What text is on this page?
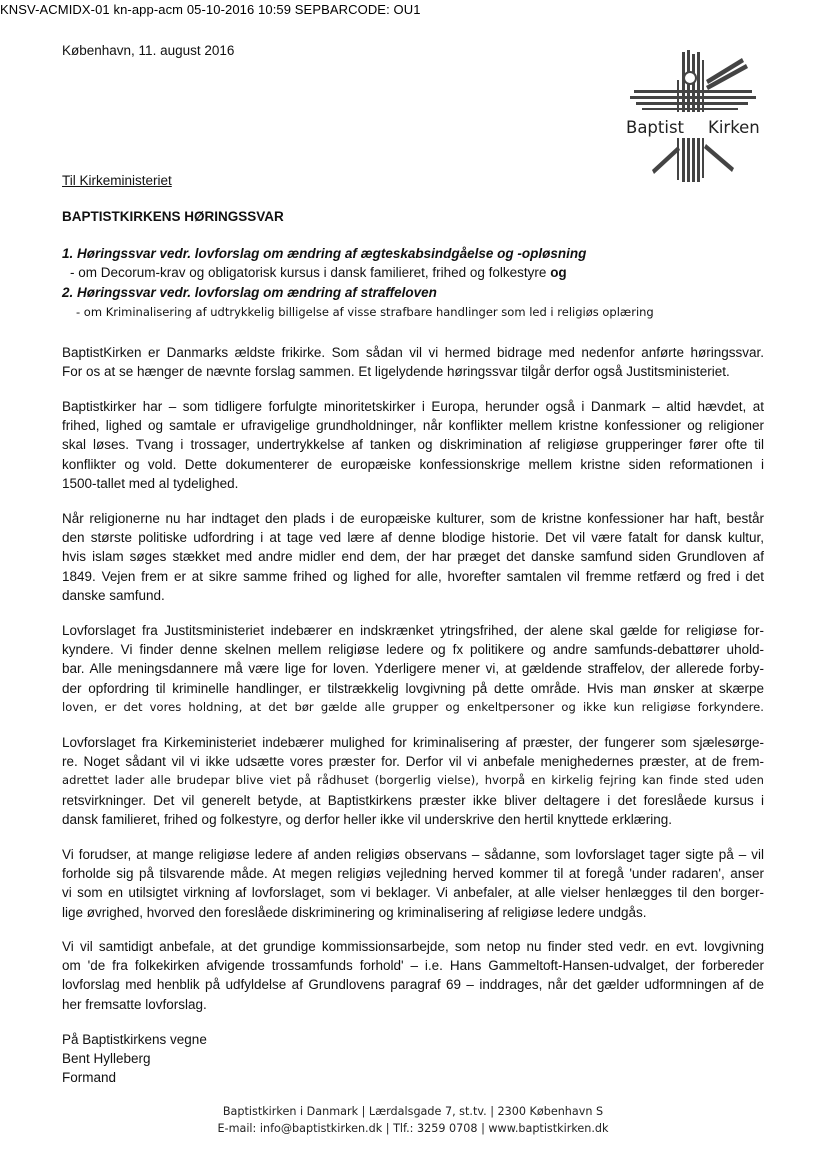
KNSV-ACMIDX-01 kn-app-acm 05-10-2016 10:59 SEPBARCODE: OU1
København, 11. august 2016
Baptist Kirken
Til Kirkeministeriet
BAPTISTKIRKENS HØRINGSSVAR
1. Høringssvar vedr. lovforslag om ændring af ægteskabsindgåelse og -opløsning
- om Decorum-krav og obligatorisk kursus i dansk familieret, frihed og folkestyre og
2. Høringssvar vedr. lovforslag om ændring af straffeloven
- om Kriminalisering af udtrykkelig billigelse af visse strafbare handlinger som led i religiøs oplæring
BaptistKirken er Danmarks ældste frikirke. Som sådan vil vi hermed bidrage med nedenfor anførte høringssvar.
For os at se hænger de nævnte forslag sammen. Et ligelydende høringssvar tilgår derfor også Justitsministeriet.
Baptistkirker har – som tidligere forfulgte minoritetskirker i Europa, herunder også i Danmark – altid hævdet, at
frihed, lighed og samtale er ufravigelige grundholdninger, når konflikter mellem kristne konfessioner og religioner
skal løses. Tvang i trossager, undertrykkelse af tanken og diskrimination af religiøse grupperinger fører ofte til
konflikter og vold. Dette dokumenterer de europæiske konfessionskrige mellem kristne siden reformationen i
1500-tallet med al tydelighed.
Når religionerne nu har indtaget den plads i de europæiske kulturer, som de kristne konfessioner har haft, består
den største politiske udfordring i at tage ved lære af denne blodige historie. Det vil være fatalt for dansk kultur,
hvis islam søges stækket med andre midler end dem, der har præget det danske samfund siden Grundloven af
1849. Vejen frem er at sikre samme frihed og lighed for alle, hvorefter samtalen vil fremme retfærd og fred i det
danske samfund.
Lovforslaget fra Justitsministeriet indebærer en indskrænket ytringsfrihed, der alene skal gælde for religiøse for-
kyndere. Vi finder denne skelnen mellem religiøse ledere og fx politikere og andre samfunds-debattører uhold-
bar. Alle meningsdannere må være lige for loven. Yderligere mener vi, at gældende straffelov, der allerede forby-
der opfordring til kriminelle handlinger, er tilstrækkelig lovgivning på dette område. Hvis man ønsker at skærpe
loven, er det vores holdning, at det bør gælde alle grupper og enkeltpersoner og ikke kun religiøse forkyndere.
Lovforslaget fra Kirkeministeriet indebærer mulighed for kriminalisering af præster, der fungerer som sjælesørge-
re. Noget sådant vil vi ikke udsætte vores præster for. Derfor vil vi anbefale menighedernes præster, at de frem-
adrettet lader alle brudepar blive viet på rådhuset (borgerlig vielse), hvorpå en kirkelig fejring kan finde sted uden
retsvirkninger. Det vil generelt betyde, at Baptistkirkens præster ikke bliver deltagere i det foreslåede kursus i
dansk familieret, frihed og folkestyre, og derfor heller ikke vil underskrive den hertil knyttede erklæring.
Vi forudser, at mange religiøse ledere af anden religiøs observans – sådanne, som lovforslaget tager sigte på – vil
forholde sig på tilsvarende måde. At megen religiøs vejledning herved kommer til at foregå 'under radaren', anser
vi som en utilsigtet virkning af lovforslaget, som vi beklager. Vi anbefaler, at alle vielser henlægges til den borger-
lige øvrighed, hvorved den foreslåede diskriminering og kriminalisering af religiøse ledere undgås.
Vi vil samtidigt anbefale, at det grundige kommissionsarbejde, som netop nu finder sted vedr. en evt. lovgivning
om 'de fra folkekirken afvigende trossamfunds forhold' – i.e. Hans Gammeltoft-Hansen-udvalget, der forbereder
lovforslag med henblik på udfyldelse af Grundlovens paragraf 69 – inddrages, når det gælder udformningen af de
her fremsatte lovforslag.
På Baptistkirkens vegne
Bent Hylleberg
Formand
Baptistkirken i Danmark | Lærdalsgade 7, st.tv. | 2300 København S
E-mail: info@baptistkirken.dk | Tlf.: 3259 0708 | www.baptistkirken.dk
